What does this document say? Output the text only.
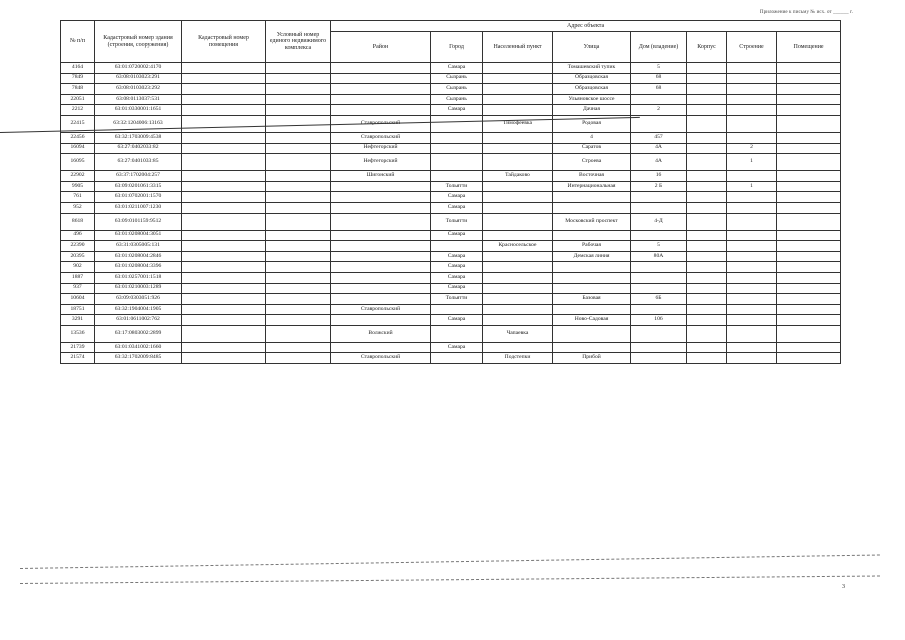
Приложение к письму № исх. от ______ г.
№ п/п	Кадастровый номер здания (строения, сооружения)	Кадастровый номер помещения	Условный номер единого недвижимого комплекса	Адрес объекта							
				Район	Город	Населенный пункт	Улица	Дом (владение)	Корпус	Строение	Помещение
4164	63:01:0720002:4170				Самара		Томашевский тупик	5			
7849	63:08:0103023:291				Сызрань		Образцовская	68			
7848	63:08:0103023:292				Сызрань		Образцовская	68			
22051	63:08:0113037:531				Сызрань		Ульяновское шоссе				
2212	63:01:0330001:1651				Самара		Дачная	2			
22415	63:32:1204006:13163			Ставропольский		Тимофеевка	Родовая				
22456	63:32:1703009:4538			Ставропольский			4	457			
16094	63:27:0402033:82			Нефтегорский			Саратов	4А		2	
16095	63:27:0401033:85			Нефтегорский			Строева	4А		1	
22902	63:37:1702004:257			Шигонский		Тайдаково	Восточная	16			
9905	63:09:0201061:3315				Тольятти		Интернациональная	2 Б		1	
761	63:01:0702001:1570				Самара						
952	63:01:0211007:1230				Самара						
8618	63:09:0101159:9512				Тольятти		Московский проспект	4-Д			
496	63:01:0208004:3051				Самара						
22390	63:31:0305005:131					Красносельское	Рабочая	5			
20395	63:01:0208004:2846				Самара		Демская линия	80А			
902	63:01:0208004:3396				Самара						
1887	63:01:0257001:1518				Самара						
937	63:01:0210003:1289				Самара						
10604	63:09:0303051:926				Тольятти		Базовая	6Б			
18751	63:32:1904004:1905			Ставропольский							
3291	63:01:0611002:762				Самара		Ново-Садовая	106			
13536	63:17:0803002:2899			Волжский		Чапаевка					
21739	63:01:0341002:1660				Самара						
21574	63:32:1702009:8485			Ставропольский		Подстепки	Прибой				
3
